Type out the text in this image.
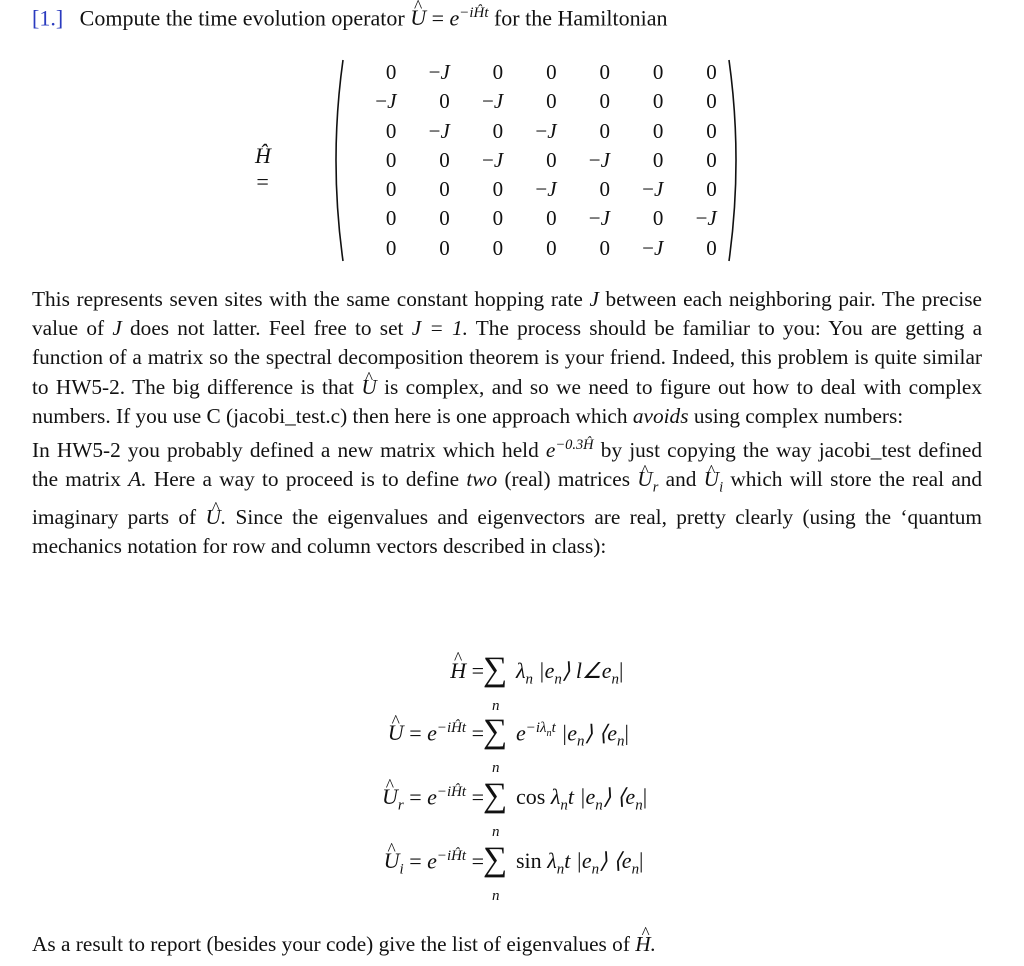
[1.] Compute the time evolution operator ^ $U = e^{-iĤt}$ for the Hamiltonian
Ĥ =
0	−J	0	0	0	0	0
−J	0	−J	0	0	0	0
0	−J	0	−J	0	0	0
0	0	−J	0	−J	0	0
0	0	0	−J	0	−J	0
0	0	0	0	−J	0	−J
0	0	0	0	0	−J	0

This represents seven sites with the same constant hopping rate J between each neighboring pair. The precise value of J does not latter. Feel free to set J = 1. The process should be familiar to you: You are getting a function of a matrix so the spectral decomposition theorem is your friend. Indeed, this problem is quite similar to HW5-2. The big difference is that ^ U is complex, and so we need to figure out how to deal with complex numbers. If you use C (jacobi_test.c) then here is one approach which avoids using complex numbers:

In HW5-2 you probably defined a new matrix which held $e^{-0.3Ĥ}$ by just copying the way jacobi_test defined the matrix A. Here a way to proceed is to define two (real) matrices ^ $U_r$ and ^ $U_i$ which will store the real and imaginary parts of ^ U. Since the eigenvalues and eigenvectors are real, pretty clearly (using the ‘quantum mechanics notation for row and column vectors described in class):

^ H = ∑
n
$\lambda_n$ $|e_n⟩$ $l\angle e_n|$
^ $U = e^{-iĤt}$ = ∑
n
$e^{-i\lambda_nt}$ $|e_n⟩$ $⟨e_n|$
^ $U_r = e^{-iĤt}$ = ∑
n
$\cos \lambda_nt$ $|e_n⟩$ $⟨e_n|$
^ $U_i = e^{-iĤt}$ = ∑
n
$\sin \lambda_nt$ $|e_n⟩$ $⟨e_n|$
As a result to report (besides your code) give the list of eigenvalues of ^ H.
